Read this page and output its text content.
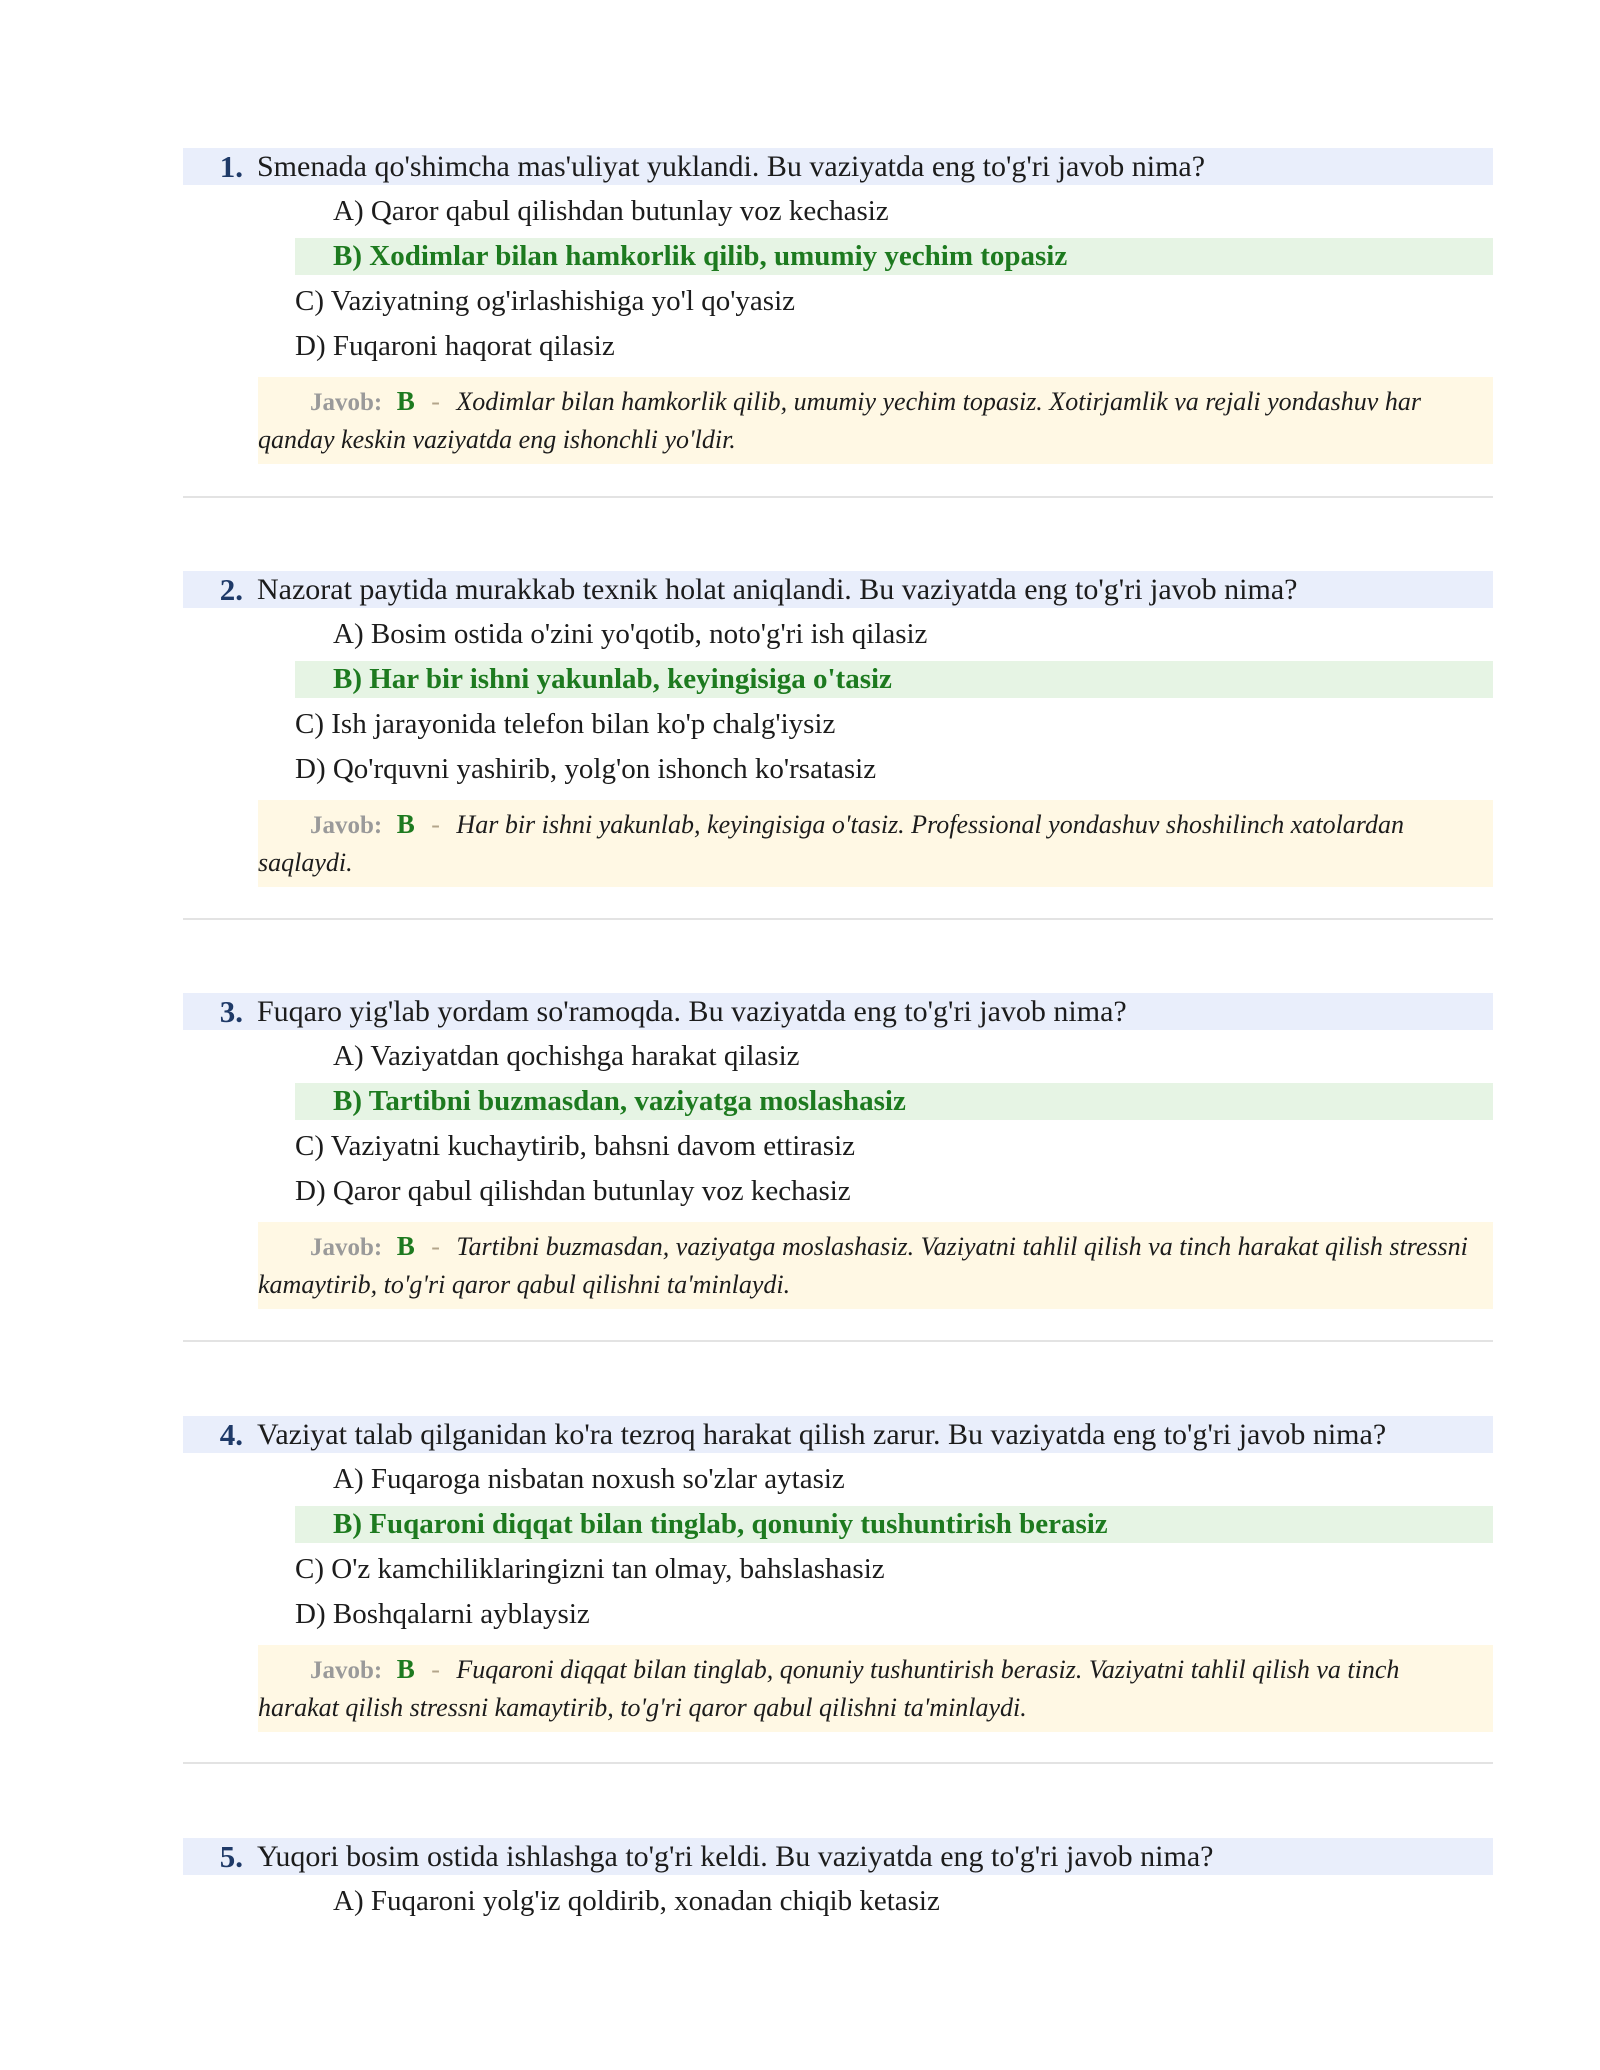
1. Smenada qo'shimcha mas'uliyat yuklandi. Bu vaziyatda eng to'g'ri javob nima?
A) Qaror qabul qilishdan butunlay voz kechasiz
B) Xodimlar bilan hamkorlik qilib, umumiy yechim topasiz
C) Vaziyatning og'irlashishiga yo'l qo'yasiz
D) Fuqaroni haqorat qilasiz
Javob: B - Xodimlar bilan hamkorlik qilib, umumiy yechim topasiz. Xotirjamlik va rejali yondashuv har qanday keskin vaziyatda eng ishonchli yo'ldir.
2. Nazorat paytida murakkab texnik holat aniqlandi. Bu vaziyatda eng to'g'ri javob nima?
A) Bosim ostida o'zini yo'qotib, noto'g'ri ish qilasiz
B) Har bir ishni yakunlab, keyingisiga o'tasiz
C) Ish jarayonida telefon bilan ko'p chalg'iysiz
D) Qo'rquvni yashirib, yolg'on ishonch ko'rsatasiz
Javob: B - Har bir ishni yakunlab, keyingisiga o'tasiz. Professional yondashuv shoshilinch xatolardan saqlaydi.
3. Fuqaro yig'lab yordam so'ramoqda. Bu vaziyatda eng to'g'ri javob nima?
A) Vaziyatdan qochishga harakat qilasiz
B) Tartibni buzmasdan, vaziyatga moslashasiz
C) Vaziyatni kuchaytirib, bahsni davom ettirasiz
D) Qaror qabul qilishdan butunlay voz kechasiz
Javob: B - Tartibni buzmasdan, vaziyatga moslashasiz. Vaziyatni tahlil qilish va tinch harakat qilish stressni kamaytirib, to'g'ri qaror qabul qilishni ta'minlaydi.
4. Vaziyat talab qilganidan ko'ra tezroq harakat qilish zarur. Bu vaziyatda eng to'g'ri javob nima?
A) Fuqaroga nisbatan noxush so'zlar aytasiz
B) Fuqaroni diqqat bilan tinglab, qonuniy tushuntirish berasiz
C) O'z kamchiliklaringizni tan olmay, bahslashasiz
D) Boshqalarni ayblaysiz
Javob: B - Fuqaroni diqqat bilan tinglab, qonuniy tushuntirish berasiz. Vaziyatni tahlil qilish va tinch harakat qilish stressni kamaytirib, to'g'ri qaror qabul qilishni ta'minlaydi.
5. Yuqori bosim ostida ishlashga to'g'ri keldi. Bu vaziyatda eng to'g'ri javob nima?
A) Fuqaroni yolg'iz qoldirib, xonadan chiqib ketasiz
